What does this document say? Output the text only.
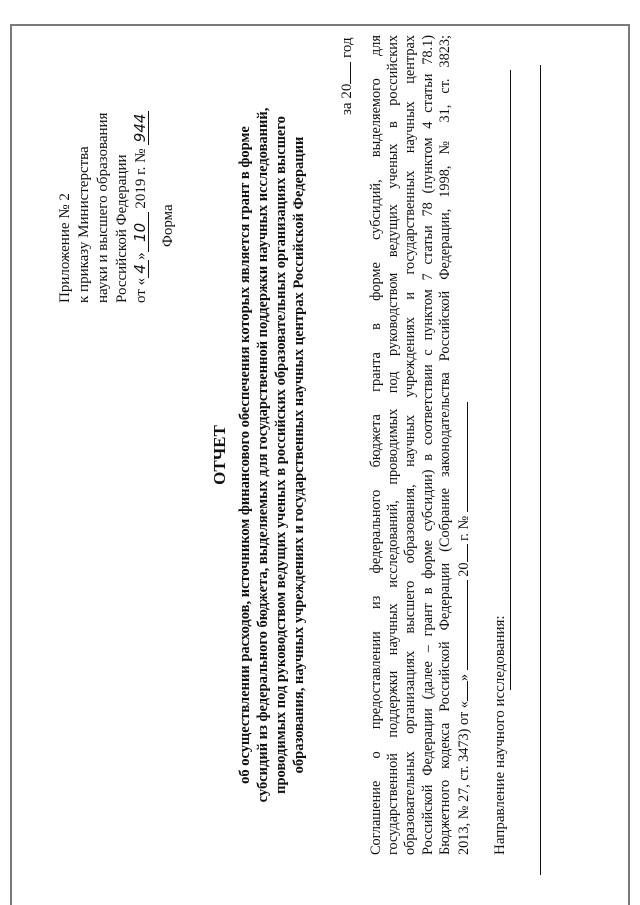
Приложение № 2 к приказу Министерства науки и высшего образования Российской Федерации от «4»10 2019 г. № 944
Форма
ОТЧЕТ об осуществлении расходов, источником финансового обеспечения которых является грант в форме субсидий из федерального бюджета, выделяемых для государственной поддержки научных исследований, проводимых под руководством ведущих ученых в российских образовательных организациях высшего образования, научных учреждениях и государственных научных центрах Российской Федерации
за 20 год Соглашение о предоставлении из федерального бюджета гранта в форме субсидий, выделяемого для государственной поддержки научных исследований, проводимых под руководством ведущих ученых в российских образовательных организациях высшего образования, научных учреждениях и государственных научных центрах Российской Федерации (далее – грант в форме субсидии) в соответствии с пунктом 7 статьи 78 (пунктом 4 статьи 78.1) Бюджетного кодекса Российской Федерации (Собрание законодательства Российской Федерации, 1998, № 31, ст. 3823; 2013, № 27, ст. 3473) от «»  20 г. №
Направление научного исследования:
